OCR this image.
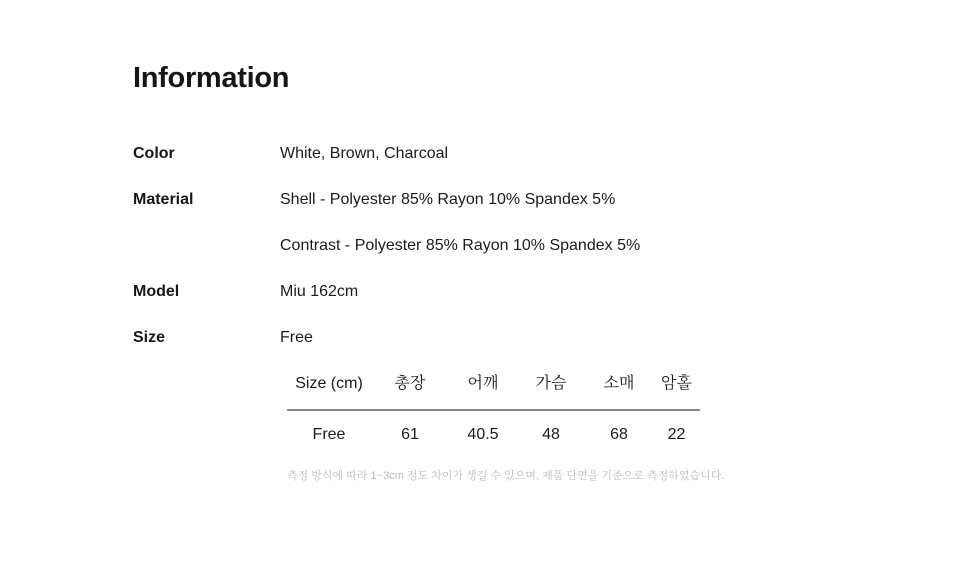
Information
Color	White, Brown, Charcoal
Material	Shell - Polyester 85% Rayon 10% Spandex 5%
Contrast - Polyester 85% Rayon 10% Spandex 5%
Model	Miu 162cm
Size	Free
Size (cm)	총장	어깨	가슴	소매	암홀
Free	61	40.5	48	68	22
측정 방식에 따라 1~3cm 정도 차이가 생길 수 있으며, 제품 단면을 기준으로 측정하였습니다.
